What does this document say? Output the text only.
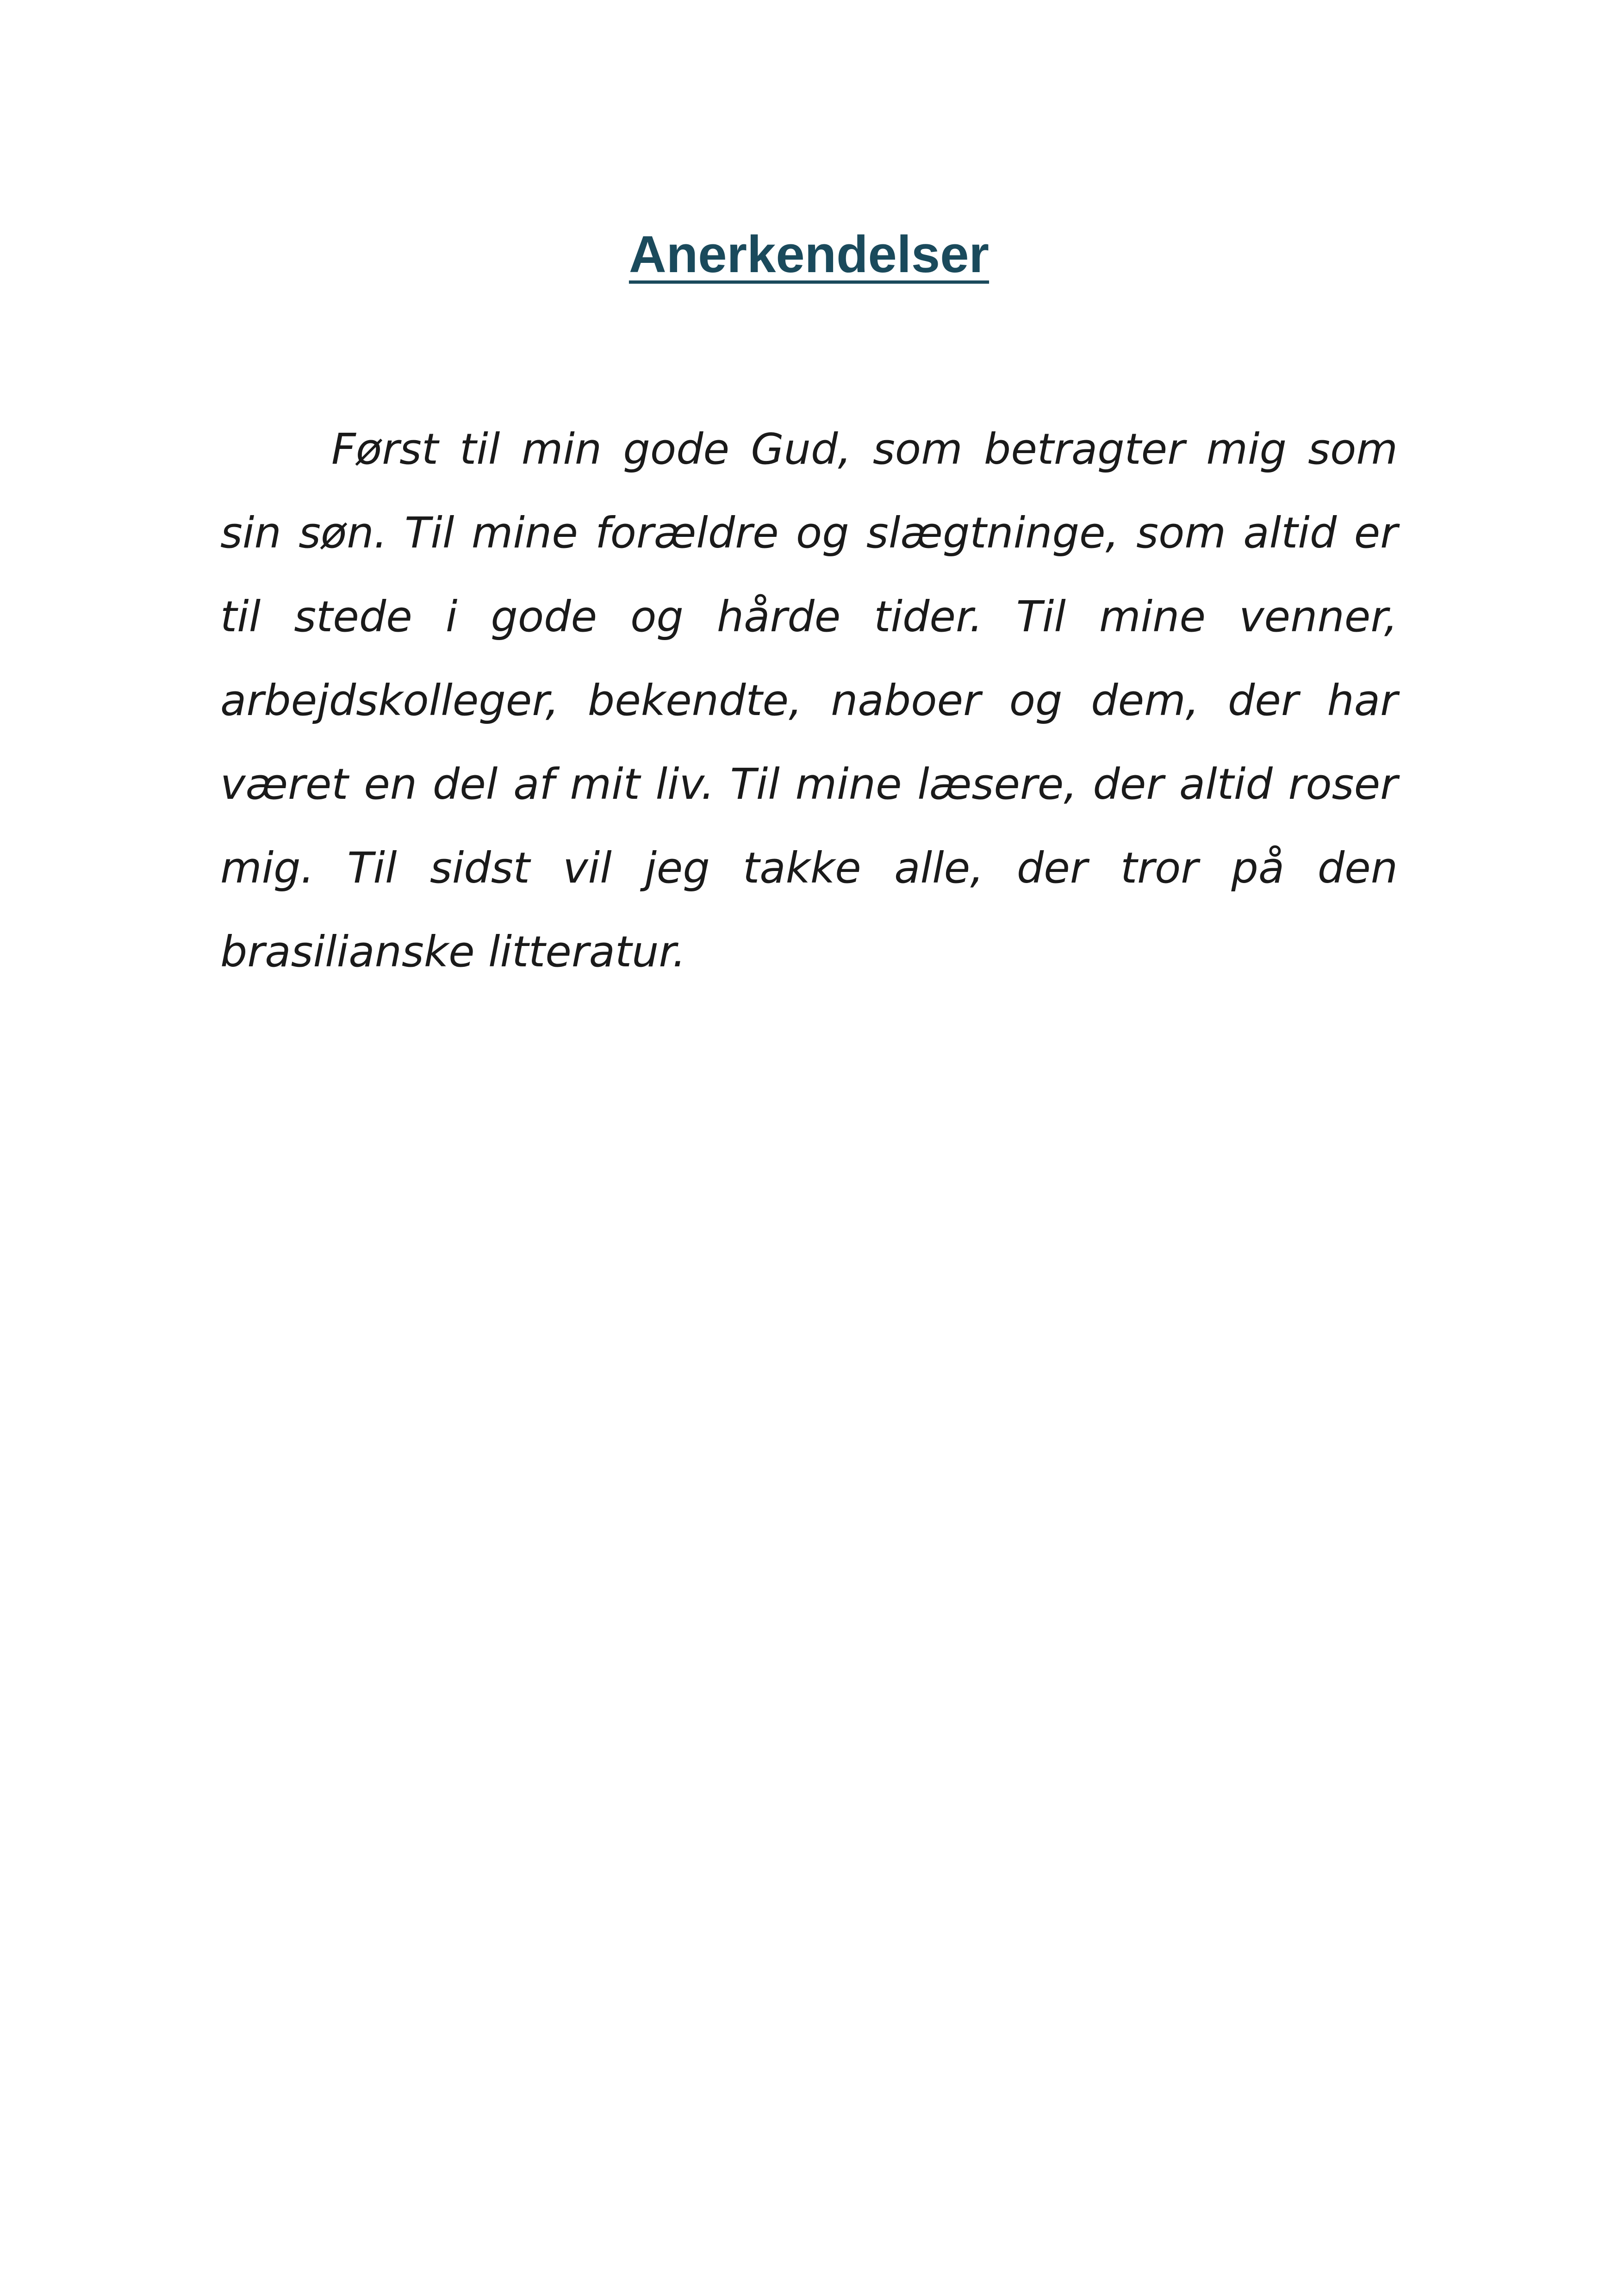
Anerkendelser

Først til min gode Gud, som betragter mig som sin søn. Til mine forældre og slægtninge, som altid er til stede i gode og hårde tider. Til mine venner, arbejdskolleger, bekendte, naboer og dem, der har været en del af mit liv. Til mine læsere, der altid roser mig. Til sidst vil jeg takke alle, der tror på den brasilianske litteratur.
